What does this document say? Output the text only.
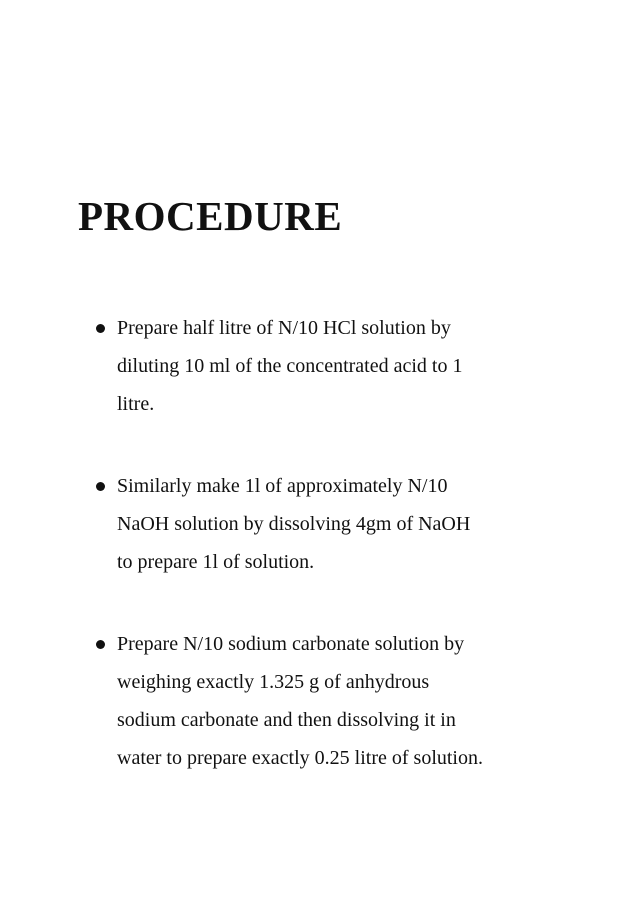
PROCEDURE
Prepare half litre of N/10 HCl solution by
diluting 10 ml of the concentrated acid to 1
litre.
Similarly make 1l of approximately N/10
NaOH solution by dissolving 4gm of NaOH
to prepare 1l of solution.
Prepare N/10 sodium carbonate solution by
weighing exactly 1.325 g of anhydrous
sodium carbonate and then dissolving it in
water to prepare exactly 0.25 litre of solution.
